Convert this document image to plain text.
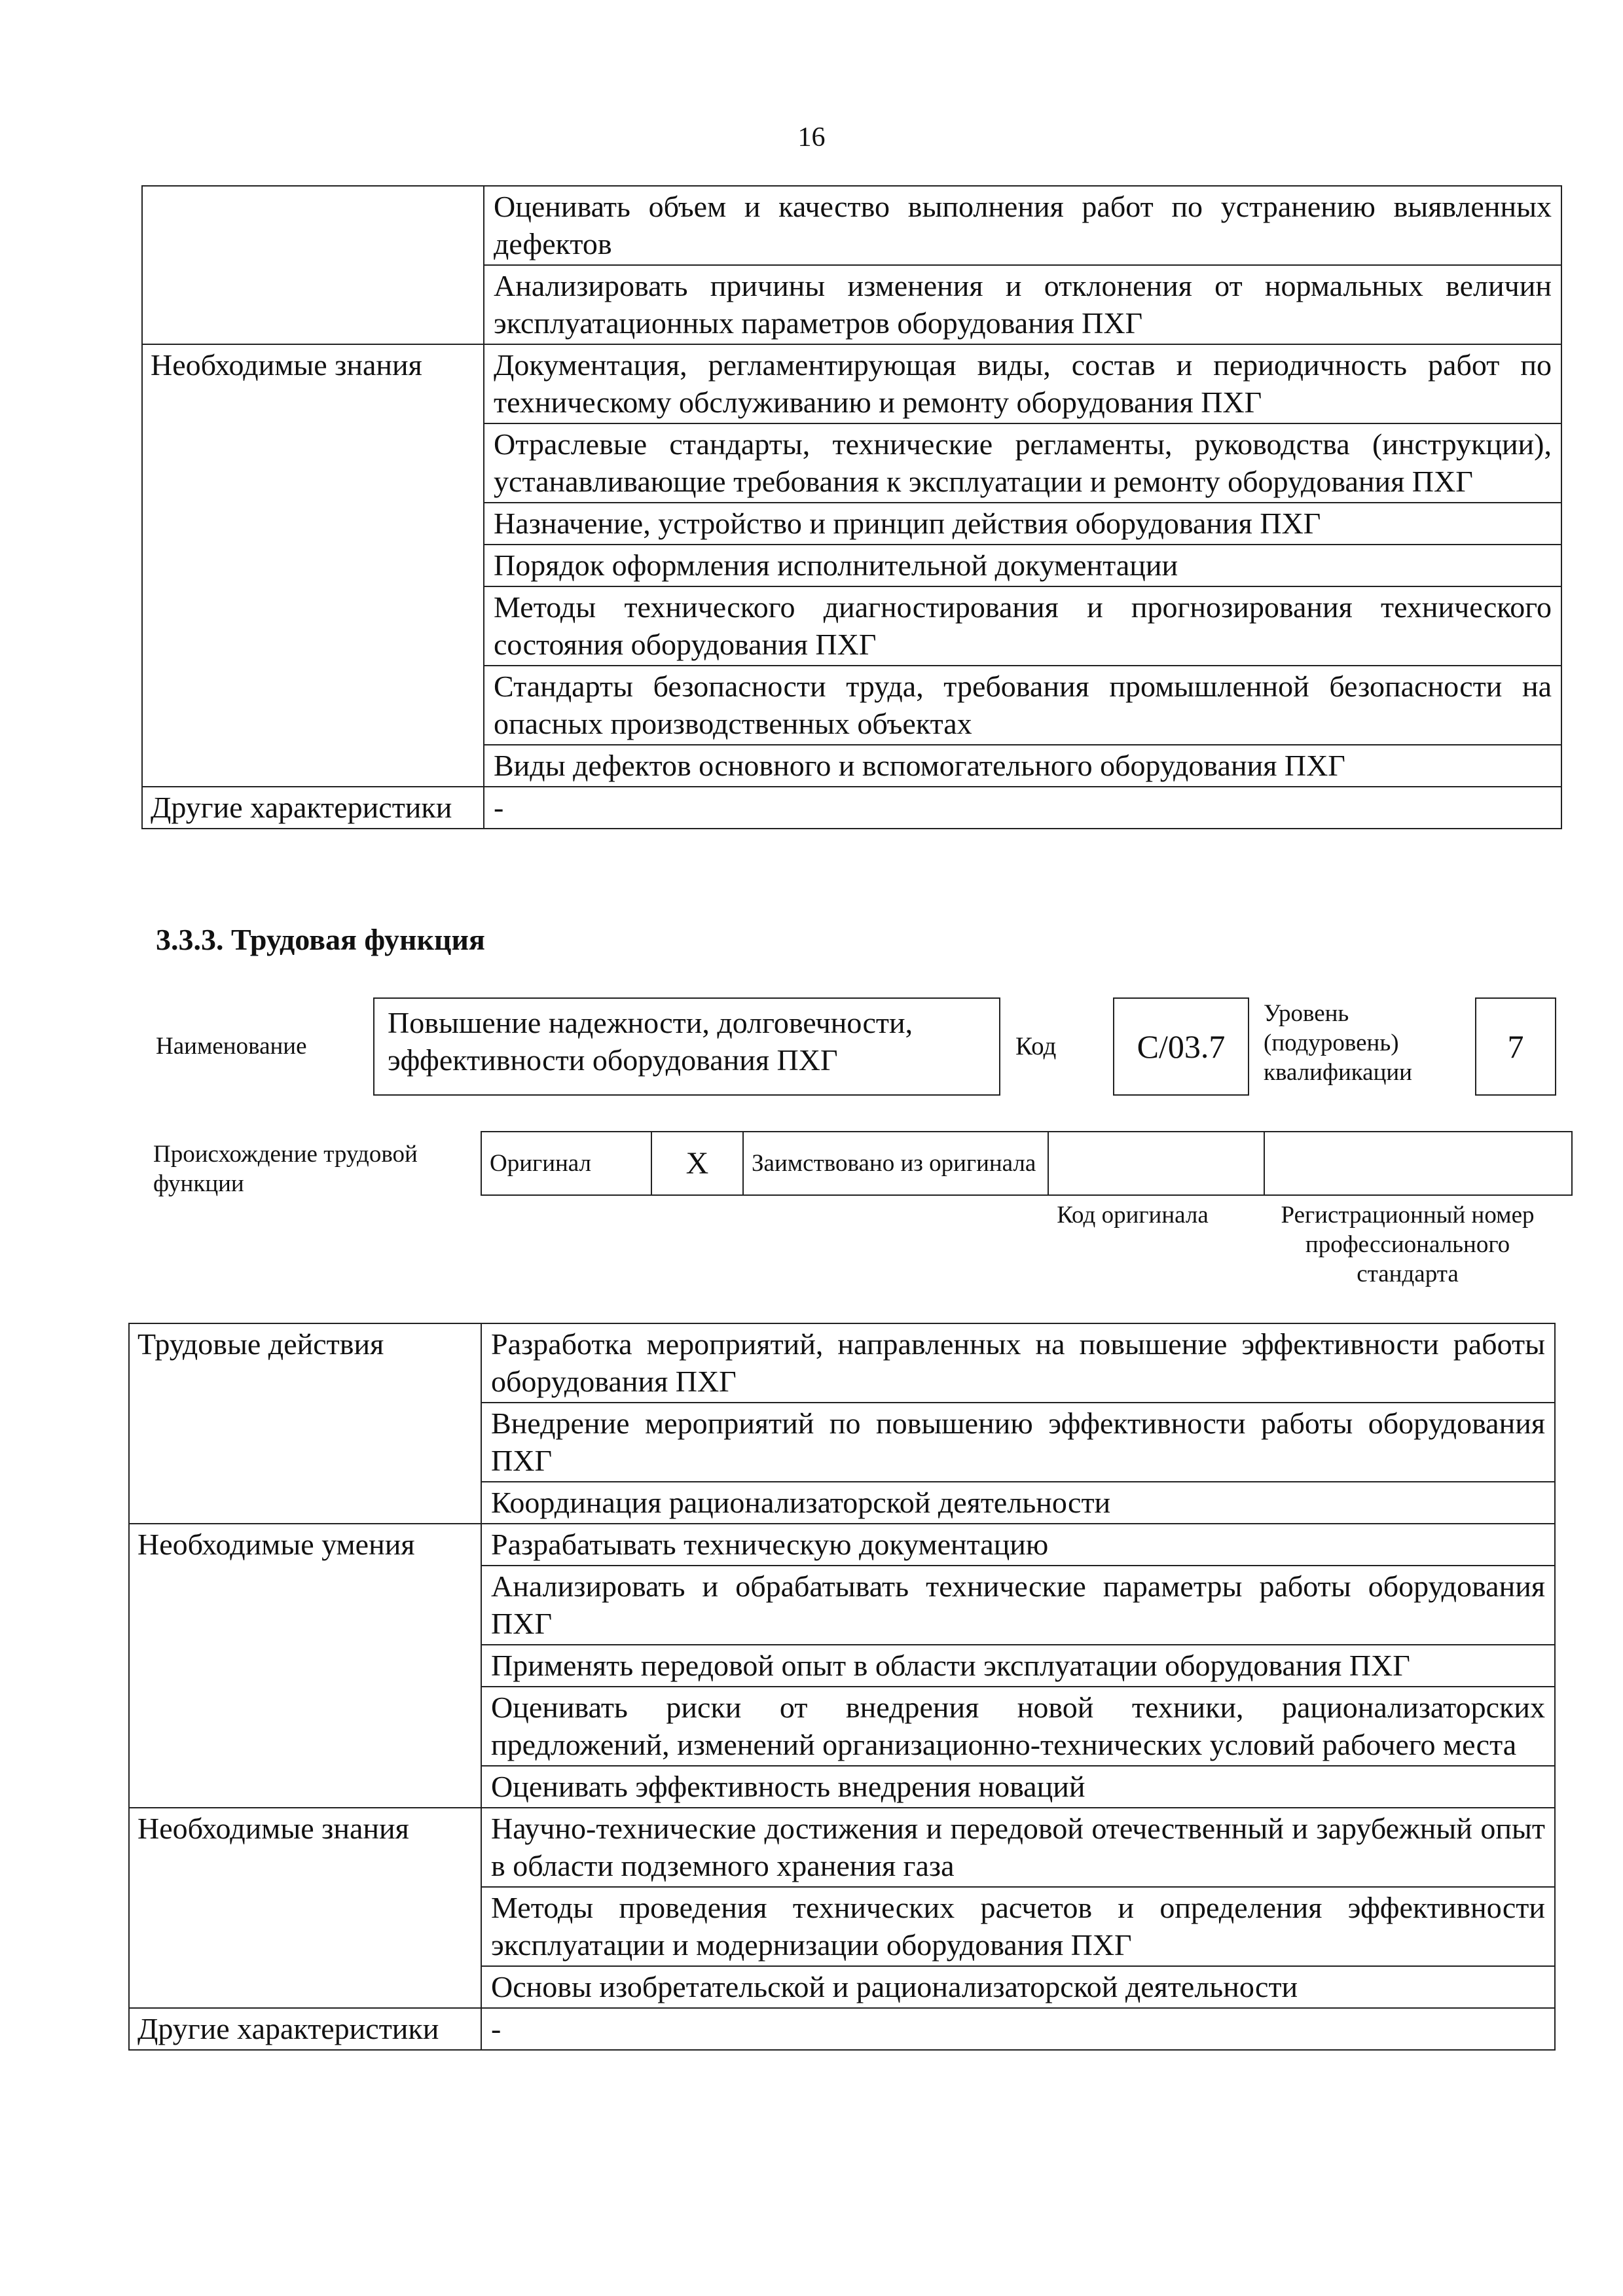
16
	Оценивать объем и качество выполнения работ по устранению выявленных дефектов
	Анализировать причины изменения и отклонения от нормальных величин эксплуатационных параметров оборудования ПХГ
Необходимые знания	Документация, регламентирующая виды, состав и периодичность работ по техническому обслуживанию и ремонту оборудования ПХГ
	Отраслевые стандарты, технические регламенты, руководства (инструкции), устанавливающие требования к эксплуатации и ремонту оборудования ПХГ
	Назначение, устройство и принцип действия оборудования ПХГ
	Порядок оформления исполнительной документации
	Методы технического диагностирования и прогнозирования технического состояния оборудования ПХГ
	Стандарты безопасности труда, требования промышленной безопасности на опасных производственных объектах
	Виды дефектов основного и вспомогательного оборудования ПХГ
Другие характеристики	-
3.3.3. Трудовая функция
Наименование
Повышение надежности, долговечности, эффективности оборудования ПХГ	Код C/03.7
Уровень (подуровень) квалификации
7
Происхождение трудовой функции
Оригинал	X	Заимствовано из оригинала		
Код оригинала	Регистрационный номер профессионального стандарта
Трудовые действия	Разработка мероприятий, направленных на повышение эффективности работы оборудования ПХГ
	Внедрение мероприятий по повышению эффективности работы оборудования ПХГ
	Координация рационализаторской деятельности
Необходимые умения	Разрабатывать техническую документацию
	Анализировать и обрабатывать технические параметры работы оборудования ПХГ
	Применять передовой опыт в области эксплуатации оборудования ПХГ
	Оценивать риски от внедрения новой техники, рационализаторских предложений, изменений организационно-технических условий рабочего места
	Оценивать эффективность внедрения новаций
Необходимые знания	Научно-технические достижения и передовой отечественный и зарубежный опыт в области подземного хранения газа
	Методы проведения технических расчетов и определения эффективности эксплуатации и модернизации оборудования ПХГ
	Основы изобретательской и рационализаторской деятельности
Другие характеристики	-
